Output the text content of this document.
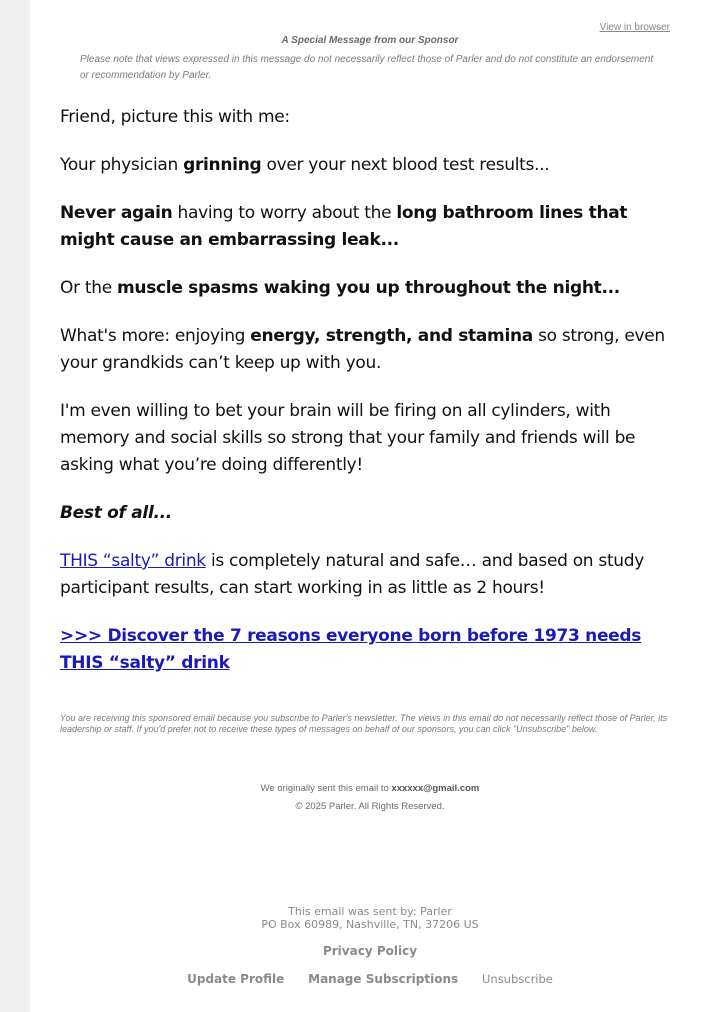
View in browser
A Special Message from our Sponsor
Please note that views expressed in this message do not necessarily reflect those of Parler and do not constitute an endorsement or recommendation by Parler.

Friend, picture this with me:

Your physician grinning over your next blood test results...

Never again having to worry about the long bathroom lines that might cause an embarrassing leak...

Or the muscle spasms waking you up throughout the night...

What's more: enjoying energy, strength, and stamina so strong, even your grandkids can’t keep up with you.

I'm even willing to bet your brain will be firing on all cylinders, with memory and social skills so strong that your family and friends will be asking what you’re doing differently!

Best of all...

THIS “salty” drink is completely natural and safe… and based on study participant results, can start working in as little as 2 hours!

>>> Discover the 7 reasons everyone born before 1973 needs THIS “salty” drink

You are receiving this sponsored email because you subscribe to Parler's newsletter. The views in this email do not necessarily reflect those of Parler, its leadership or staff. If you'd prefer not to receive these types of messages on behalf of our sponsors, you can click "Unsubscribe" below.
We originally sent this email to xxxxxx@gmail.com
© 2025 Parler. All Rights Reserved.
This email was sent by: Parler
PO Box 60989, Nashville, TN, 37206 US
Privacy Policy
Update Profile Manage Subscriptions Unsubscribe
